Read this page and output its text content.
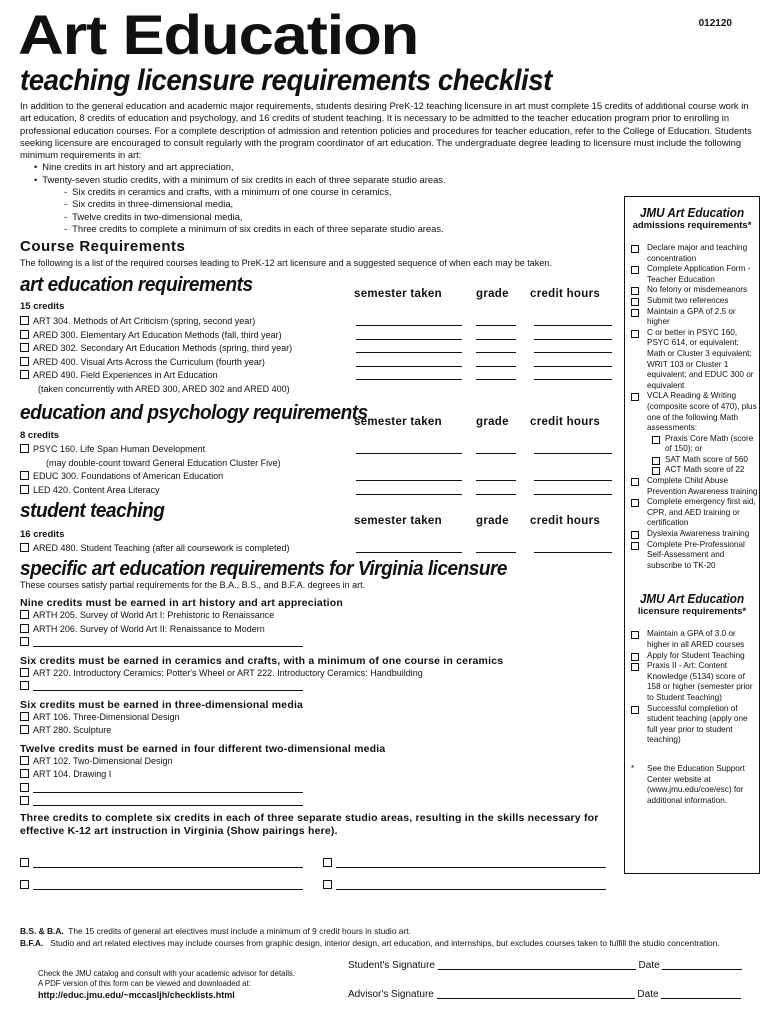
012120
Art Education
teaching licensure requirements checklist

In addition to the general education and academic major requirements, students desiring PreK-12 teaching licensure in art must complete 15 credits of additional course work in art education, 8 credits of education and psychology, and 16 credits of student teaching. It is necessary to be admitted to the teacher education program prior to enrolling in professional education courses. For a complete description of admission and retention policies and procedures for teacher education, refer to the College of Education. Students seeking licensure are encouraged to consult regularly with the program coordinator of art education. The undergraduate degree leading to licensure must include the following minimum requirements in art:

• Nine credits in art history and art appreciation,
• Twenty-seven studio credits, with a minimum of six credits in each of three separate studio areas.
- Six credits in ceramics and crafts, with a minimum of one course in ceramics,
- Six credits in three-dimensional media,
- Twelve credits in two-dimensional media,
- Three credits to complete a minimum of six credits in each of three separate studio areas.
Course Requirements
The following is a list of the required courses leading to PreK-12 art licensure and a suggested sequence of when each may be taken.
art education requirements	semester taken	grade credit hours
15 credits
ART 304. Methods of Art Criticism (spring, second year)
ARED 300. Elementary Art Education Methods (fall, third year)
ARED 302. Secondary Art Education Methods (spring, third year)
ARED 400. Visual Arts Across the Curriculum (fourth year)
ARED 490. Field Experiences in Art Education
(taken concurrently with ARED 300, ARED 302 and ARED 400)
education and psychology requirements
semester taken	grade credit hours
8 credits
PSYC 160. Life Span Human Development
(may double-count toward General Education Cluster Five)
EDUC 300. Foundations of American Education
LED 420. Content Area Literacy

student teaching	semester taken	grade credit hours
16 credits
ARED 480. Student Teaching (after all coursework is completed)
specific art education requirements for Virginia licensure
These courses satisfy partial requirements for the B.A., B.S., and B.F.A. degrees in art.
Nine credits must be earned in art history and art appreciation
ARTH 205. Survey of World Art I: Prehistoric to Renaissance
ARTH 206. Survey of World Art II: Renaissance to Modern
Six credits must be earned in ceramics and crafts, with a minimum of one course in ceramics
ART 220. Introductory Ceramics: Potter's Wheel or ART 222. Introductory Ceramics: Handbuilding
Six credits must be earned in three-dimensional media
ART 106. Three-Dimensional Design
ART 280. Sculpture
Twelve credits must be earned in four different two-dimensional media
ART 102. Two-Dimensional Design
ART 104. Drawing I
Three credits to complete six credits in each of three separate studio areas, resulting in the skills necessary for effective K-12 art instruction in Virginia (Show pairings here).
JMU Art Education
admissions requirements*
Declare major and teaching concentration
Complete Application Form - Teacher Education
No felony or misdemeanors
Submit two references
Maintain a GPA of 2.5 or higher
C or better in PSYC 160, PSYC 614, or equivalent; Math or Cluster 3 equivalent; WRIT 103 or Cluster 1 equivalent; and EDUC 300 or equivalent
VCLA Reading & Writing (composite score of 470), plus one of the following Math assessments:
Praxis Core Math (score of 150); or
SAT Math score of 560
ACT Math score of 22
Complete Child Abuse Prevention Awareness training
Complete emergency first aid, CPR, and AED training or certification
Dyslexia Awareness training
Complete Pre-Professional Self-Assessment and subscribe to TK-20
JMU Art Education
licensure requirements*
Maintain a GPA of 3.0 or higher in all ARED courses
Apply for Student Teaching
Praxis II - Art: Content Knowledge (5134) score of 158 or higher (semester prior to Student Teaching)
Successful completion of student teaching (apply one full year prior to student teaching)
* See the Education Support Center website at (www.jmu.edu/coe/esc) for additional information.
B.S. & B.A. The 15 credits of general art electives must include a minimum of 9 credit hours in studio art.
B.F.A. Studio and art related electives may include courses from graphic design, interior design, art education, and internships, but excludes courses taken to fulfill the studio concentration.
Check the JMU catalog and consult with your academic advisor for details.
A PDF version of this form can be viewed and downloaded at:
http://educ.jmu.edu/~mccasljh/checklists.html
Student's Signature	Date
Advisor's Signature	Date
